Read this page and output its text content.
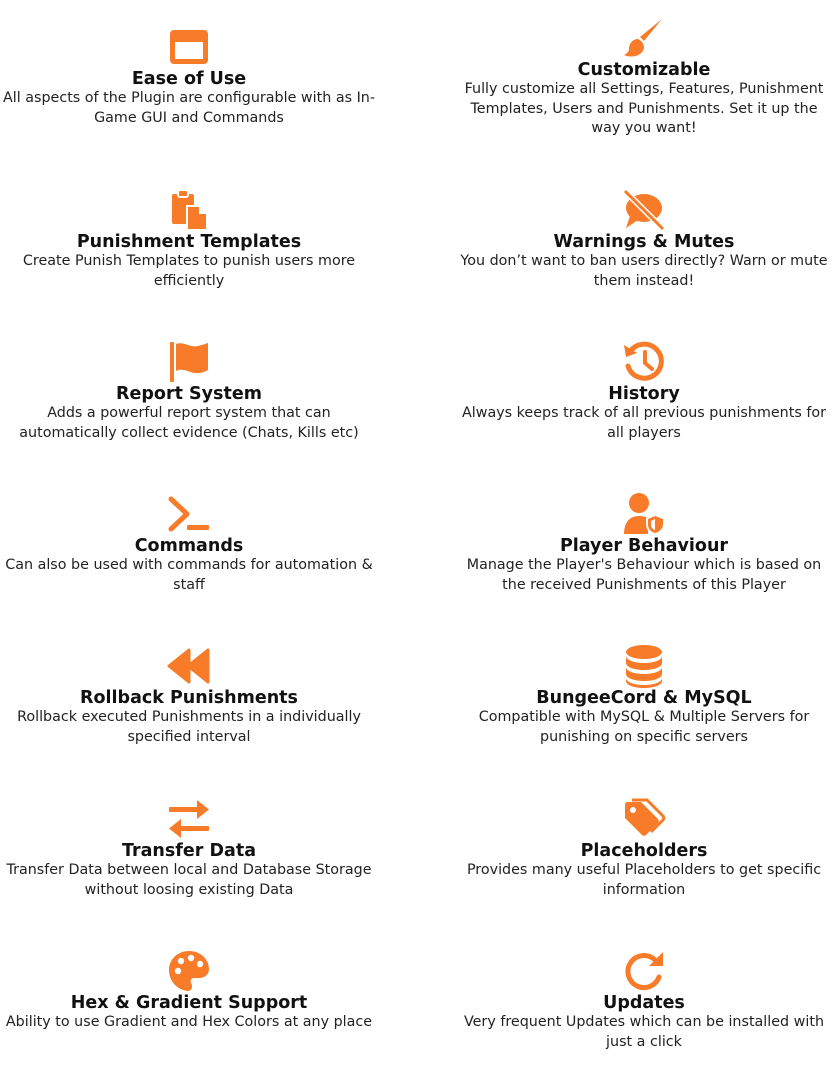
Ease of Use
All aspects of the Plugin are configurable with as In-Game GUI and Commands
Customizable
Fully customize all Settings, Features, Punishment Templates, Users and Punishments. Set it up the way you want!
Punishment Templates
Create Punish Templates to punish users more efficiently
Warnings & Mutes
You don’t want to ban users directly? Warn or mute them instead!
Report System
Adds a powerful report system that can automatically collect evidence (Chats, Kills etc)
History
Always keeps track of all previous punishments for all players
Commands
Can also be used with commands for automation & staff
Player Behaviour
Manage the Player's Behaviour which is based on the received Punishments of this Player
Rollback Punishments
Rollback executed Punishments in a individually specified interval
BungeeCord & MySQL
Compatible with MySQL & Multiple Servers for punishing on specific servers
Transfer Data
Transfer Data between local and Database Storage without loosing existing Data
Placeholders
Provides many useful Placeholders to get specific information
Hex & Gradient Support
Ability to use Gradient and Hex Colors at any place
Updates
Very frequent Updates which can be installed with just a click
